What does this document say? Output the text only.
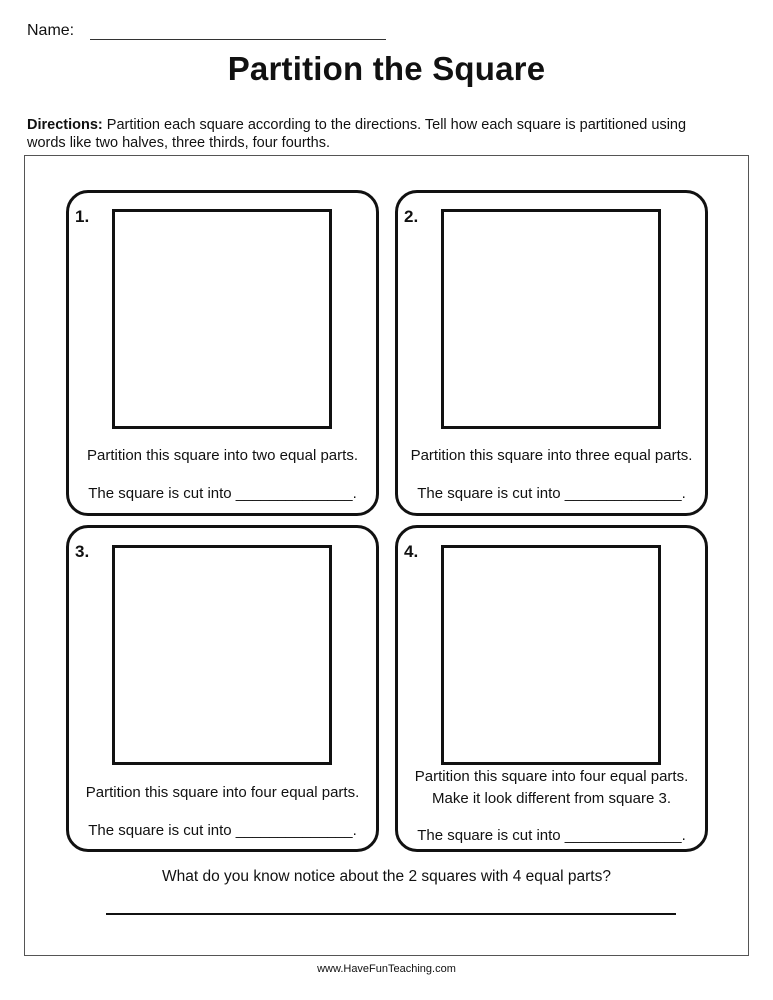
Name:
Partition the Square
Directions: Partition each square according to the directions. Tell how each square is partitioned using words like two halves, three thirds, four fourths.
1.
Partition this square into two equal parts.
The square is cut into ______________.
2.
Partition this square into three equal parts.
The square is cut into ______________.
3.
Partition this square into four equal parts.
The square is cut into ______________.
4.
Partition this square into four equal parts.
Make it look different from square 3.
The square is cut into ______________.
What do you know notice about the 2 squares with 4 equal parts?
www.HaveFunTeaching.com
